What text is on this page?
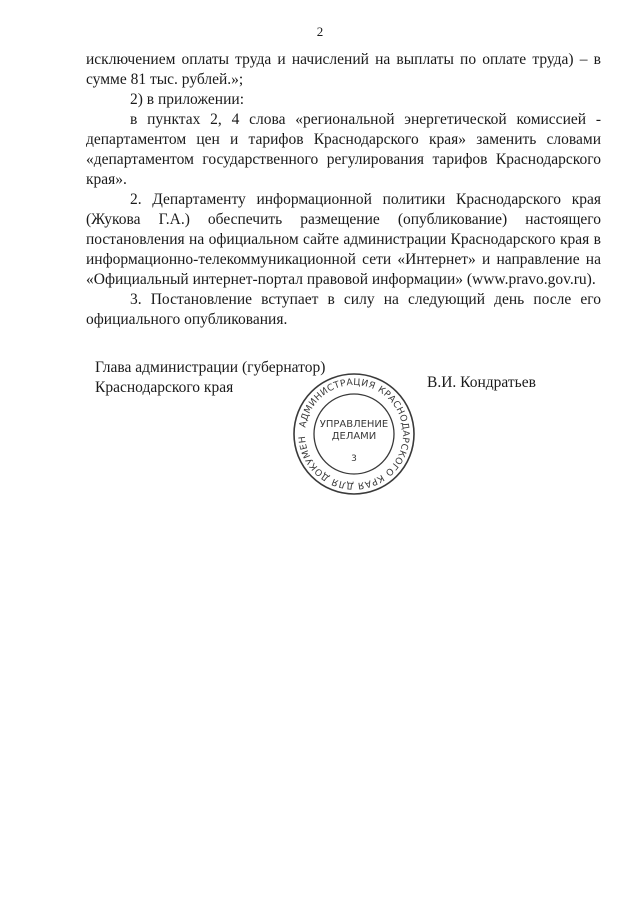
2

исключением оплаты труда и начислений на выплаты по оплате труда) – в сумме 81 тыс. рублей.»;

2) в приложении:

в пунктах 2, 4 слова «региональной энергетической комиссией - департаментом цен и тарифов Краснодарского края» заменить словами «департаментом государственного регулирования тарифов Краснодарского края».

2. Департаменту информационной политики Краснодарского края (Жукова Г.А.) обеспечить размещение (опубликование) настоящего постановления на официальном сайте администрации Краснодарского края в информационно-телекоммуникационной сети «Интернет» и направление на «Официальный интернет-портал правовой информации» (www.pravo.gov.ru).

3. Постановление вступает в силу на следующий день после его официального опубликования.

Глава администрации (губернатор)
Краснодарского края	В.И. Кондратьев
АДМИНИСТРАЦИЯ КРАСНОДАРСКОГО КРАЯ ДЛЯ ДОКУМЕН
УПРАВЛЕНИЕ
ДЕЛАМИ
3
